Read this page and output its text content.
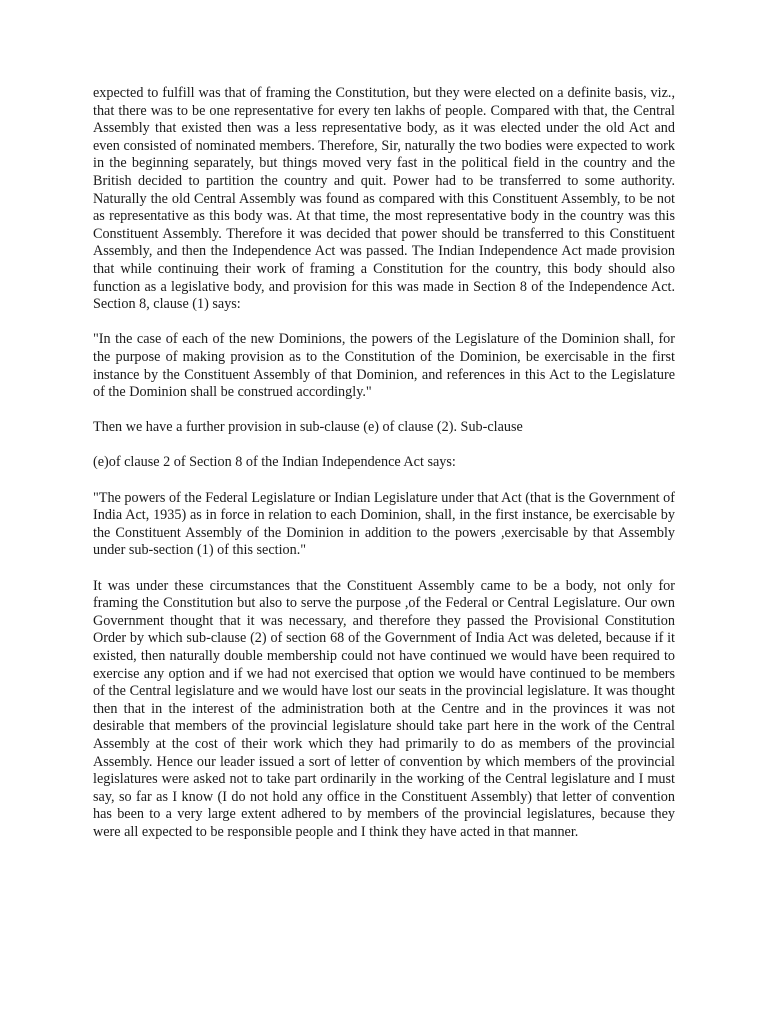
expected to fulfill was that of framing the Constitution, but they were elected on a definite basis, viz., that there was to be one representative for every ten lakhs of people. Compared with that, the Central Assembly that existed then was a less representative body, as it was elected under the old Act and even consisted of nominated members. Therefore, Sir, naturally the two bodies were expected to work in the beginning separately, but things moved very fast in the political field in the country and the British decided to partition the country and quit. Power had to be transferred to some authority. Naturally the old Central Assembly was found as compared with this Constituent Assembly, to be not as representative as this body was. At that time, the most representative body in the country was this Constituent Assembly. Therefore it was decided that power should be transferred to this Constituent Assembly, and then the Independence Act was passed. The Indian Independence Act made provision that while continuing their work of framing a Constitution for the country, this body should also function as a legislative body, and provision for this was made in Section 8 of the Independence Act. Section 8, clause (1) says:

"In the case of each of the new Dominions, the powers of the Legislature of the Dominion shall, for the purpose of making provision as to the Constitution of the Dominion, be exercisable in the first instance by the Constituent Assembly of that Dominion, and references in this Act to the Legislature of the Dominion shall be construed accordingly."

Then we have a further provision in sub-clause (e) of clause (2). Sub-clause

(e)of clause 2 of Section 8 of the Indian Independence Act says:

"The powers of the Federal Legislature or Indian Legislature under that Act (that is the Government of India Act, 1935) as in force in relation to each Dominion, shall, in the first instance, be exercisable by the Constituent Assembly of the Dominion in addition to the powers ,exercisable by that Assembly under sub-section (1) of this section."

It was under these circumstances that the Constituent Assembly came to be a body, not only for framing the Constitution but also to serve the purpose ,of the Federal or Central Legislature. Our own Government thought that it was necessary, and therefore they passed the Provisional Constitution Order by which sub-clause (2) of section 68 of the Government of India Act was deleted, because if it existed, then naturally double membership could not have continued we would have been required to exercise any option and if we had not exercised that option we would have continued to be members of the Central legislature and we would have lost our seats in the provincial legislature. It was thought then that in the interest of the administration both at the Centre and in the provinces it was not desirable that members of the provincial legislature should take part here in the work of the Central Assembly at the cost of their work which they had primarily to do as members of the provincial Assembly. Hence our leader issued a sort of letter of convention by which members of the provincial legislatures were asked not to take part ordinarily in the working of the Central legislature and I must say, so far as I know (I do not hold any office in the Constituent Assembly) that letter of convention has been to a very large extent adhered to by members of the provincial legislatures, because they were all expected to be responsible people and I think they have acted in that manner.
